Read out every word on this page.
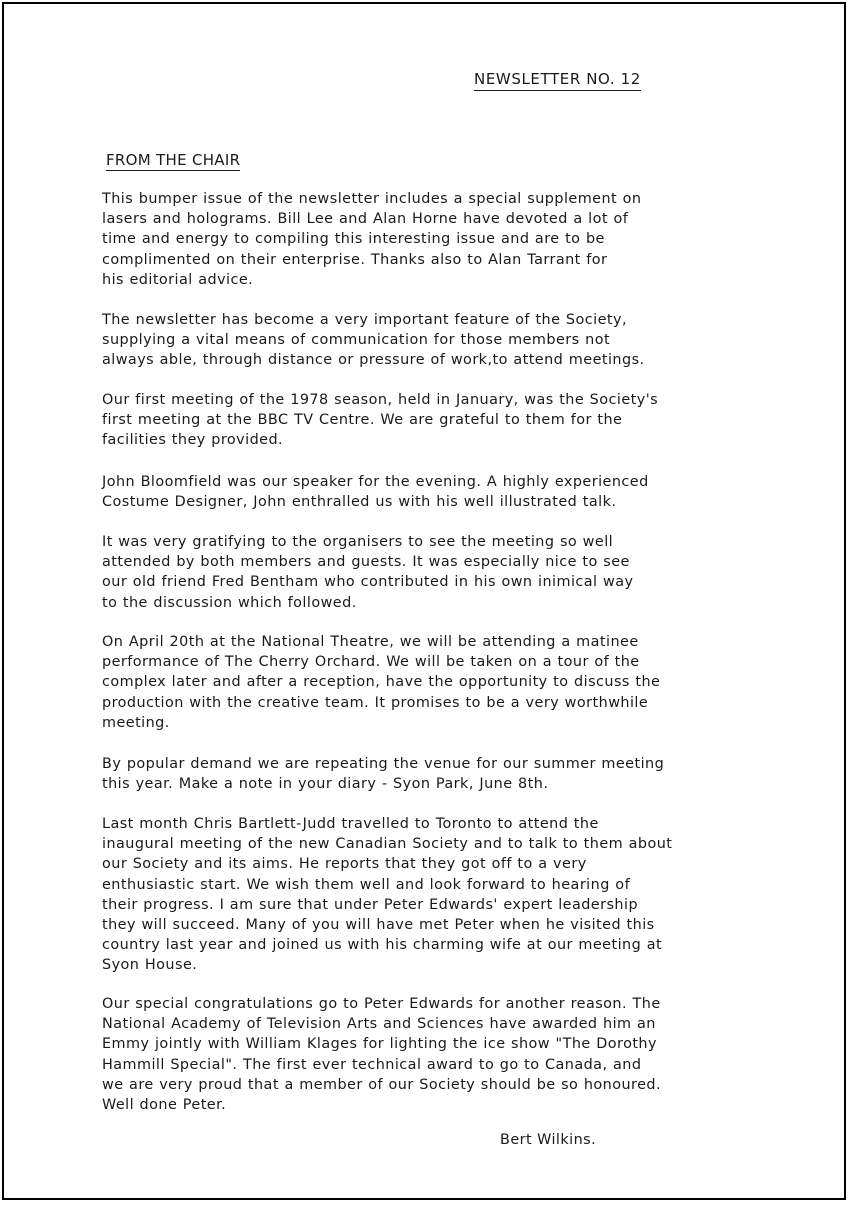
NEWSLETTER NO. 12
FROM THE CHAIR

This bumper issue of the newsletter includes a special supplement on
lasers and holograms. Bill Lee and Alan Horne have devoted a lot of
time and energy to compiling this interesting issue and are to be
complimented on their enterprise. Thanks also to Alan Tarrant for
his editorial advice.

The newsletter has become a very important feature of the Society,
supplying a vital means of communication for those members not
always able, through distance or pressure of work,to attend meetings.

Our first meeting of the 1978 season, held in January, was the Society's
first meeting at the BBC TV Centre. We are grateful to them for the
facilities they provided.

John Bloomfield was our speaker for the evening. A highly experienced
Costume Designer, John enthralled us with his well illustrated talk.

It was very gratifying to the organisers to see the meeting so well
attended by both members and guests. It was especially nice to see
our old friend Fred Bentham who contributed in his own inimical way
to the discussion which followed.

On April 20th at the National Theatre, we will be attending a matinee
performance of The Cherry Orchard. We will be taken on a tour of the
complex later and after a reception, have the opportunity to discuss the
production with the creative team. It promises to be a very worthwhile
meeting.

By popular demand we are repeating the venue for our summer meeting
this year. Make a note in your diary - Syon Park, June 8th.

Last month Chris Bartlett-Judd travelled to Toronto to attend the
inaugural meeting of the new Canadian Society and to talk to them about
our Society and its aims. He reports that they got off to a very
enthusiastic start. We wish them well and look forward to hearing of
their progress. I am sure that under Peter Edwards' expert leadership
they will succeed. Many of you will have met Peter when he visited this
country last year and joined us with his charming wife at our meeting at
Syon House.

Our special congratulations go to Peter Edwards for another reason. The
National Academy of Television Arts and Sciences have awarded him an
Emmy jointly with William Klages for lighting the ice show "The Dorothy
Hammill Special". The first ever technical award to go to Canada, and
we are very proud that a member of our Society should be so honoured.
Well done Peter.

Bert Wilkins.
